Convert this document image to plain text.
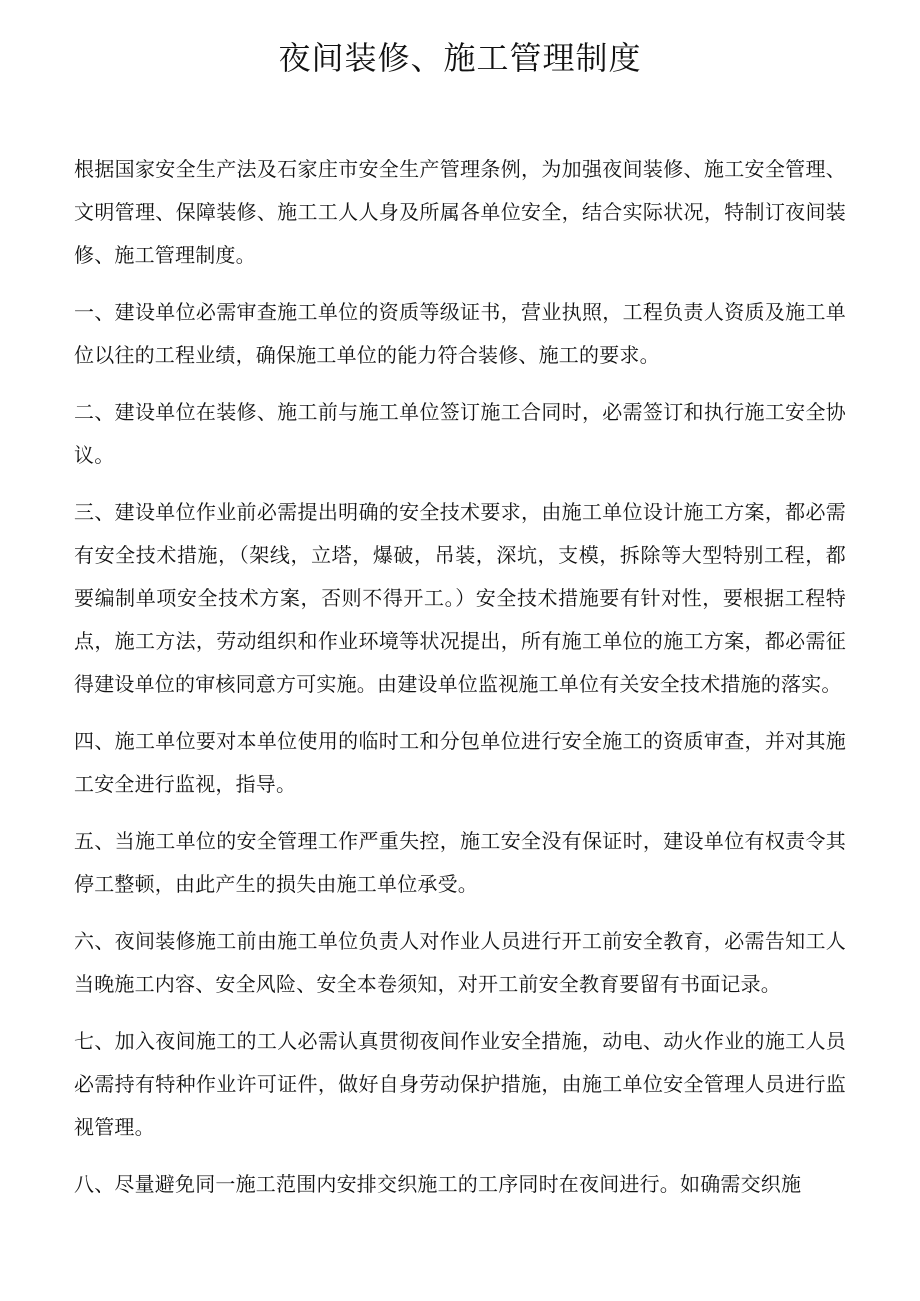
夜间装修、施工管理制度

根据国家安全生产法及石家庄市安全生产管理条例，为加强夜间装修、施工安全管理、文明管理、保障装修、施工工人人身及所属各单位安全，结合实际状况，特制订夜间装修、施工管理制度。

一、建设单位必需审查施工单位的资质等级证书，营业执照，工程负责人资质及施工单位以往的工程业绩，确保施工单位的能力符合装修、施工的要求。

二、建设单位在装修、施工前与施工单位签订施工合同时，必需签订和执行施工安全协议。

三、建设单位作业前必需提出明确的安全技术要求，由施工单位设计施工方案，都必需有安全技术措施，（架线，立塔，爆破，吊装，深坑，支模，拆除等大型特别工程，都要编制单项安全技术方案，否则不得开工。）安全技术措施要有针对性，要根据工程特点，施工方法，劳动组织和作业环境等状况提出，所有施工单位的施工方案，都必需征得建设单位的审核同意方可实施。由建设单位监视施工单位有关安全技术措施的落实。

四、施工单位要对本单位使用的临时工和分包单位进行安全施工的资质审查，并对其施工安全进行监视，指导。

五、当施工单位的安全管理工作严重失控，施工安全没有保证时，建设单位有权责令其停工整顿，由此产生的损失由施工单位承受。

六、夜间装修施工前由施工单位负责人对作业人员进行开工前安全教育，必需告知工人当晚施工内容、安全风险、安全本卷须知，对开工前安全教育要留有书面记录。

七、加入夜间施工的工人必需认真贯彻夜间作业安全措施，动电、动火作业的施工人员必需持有特种作业许可证件，做好自身劳动保护措施，由施工单位安全管理人员进行监视管理。

八、尽量避免同一施工范围内安排交织施工的工序同时在夜间进行。如确需交织施
